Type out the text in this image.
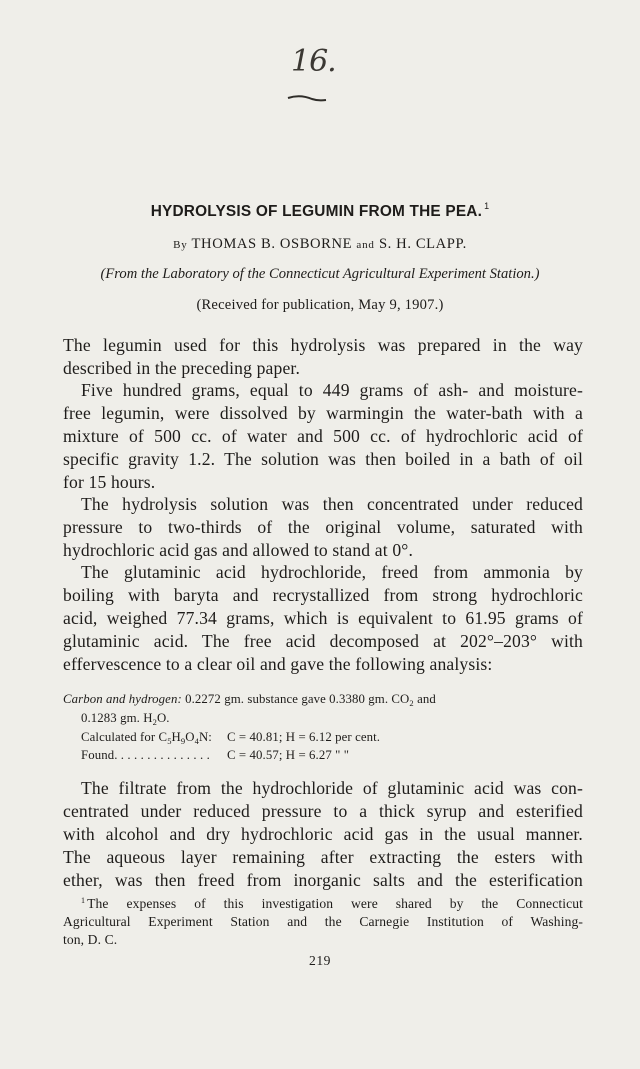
16.
HYDROLYSIS OF LEGUMIN FROM THE PEA. $^1$
By THOMAS B. OSBORNE and S. H. CLAPP.
(From the Laboratory of the Connecticut Agricultural Experiment Station.)
(Received for publication, May 9, 1907.)
The legumin used for this hydrolysis was prepared in the way
described in the preceding paper.
Five hundred grams, equal to 449 grams of ash- and moisture-
free legumin, were dissolved by warmingin the water-bath with a
mixture of 500 cc. of water and 500 cc. of hydrochloric acid of
specific gravity 1.2. The solution was then boiled in a bath of oil
for 15 hours.
The hydrolysis solution was then concentrated under reduced
pressure to two-thirds of the original volume, saturated with
hydrochloric acid gas and allowed to stand at 0°.
The glutaminic acid hydrochloride, freed from ammonia by
boiling with baryta and recrystallized from strong hydrochloric
acid, weighed 77.34 grams, which is equivalent to 61.95 grams of
glutaminic acid. The free acid decomposed at 202°–203° with
effervescence to a clear oil and gave the following analysis:
Carbon and hydrogen: 0.2272 gm. substance gave 0.3380 gm. $CO_2$ and
0.1283 gm. $H_2O$.
Calculated for $C_5H_9O_4N$:	C = 40.81; H = 6.12 per cent.
Found. . . . . . . . . . . . . . .	C = 40.57; H = 6.27 " "
The filtrate from the hydrochloride of glutaminic acid was con-
centrated under reduced pressure to a thick syrup and esterified
with alcohol and dry hydrochloric acid gas in the usual manner.
The aqueous layer remaining after extracting the esters with
ether, was then freed from inorganic salts and the esterification
$^1$ The expenses of this investigation were shared by the Connecticut
Agricultural Experiment Station and the Carnegie Institution of Washing-
ton, D. C.
219
